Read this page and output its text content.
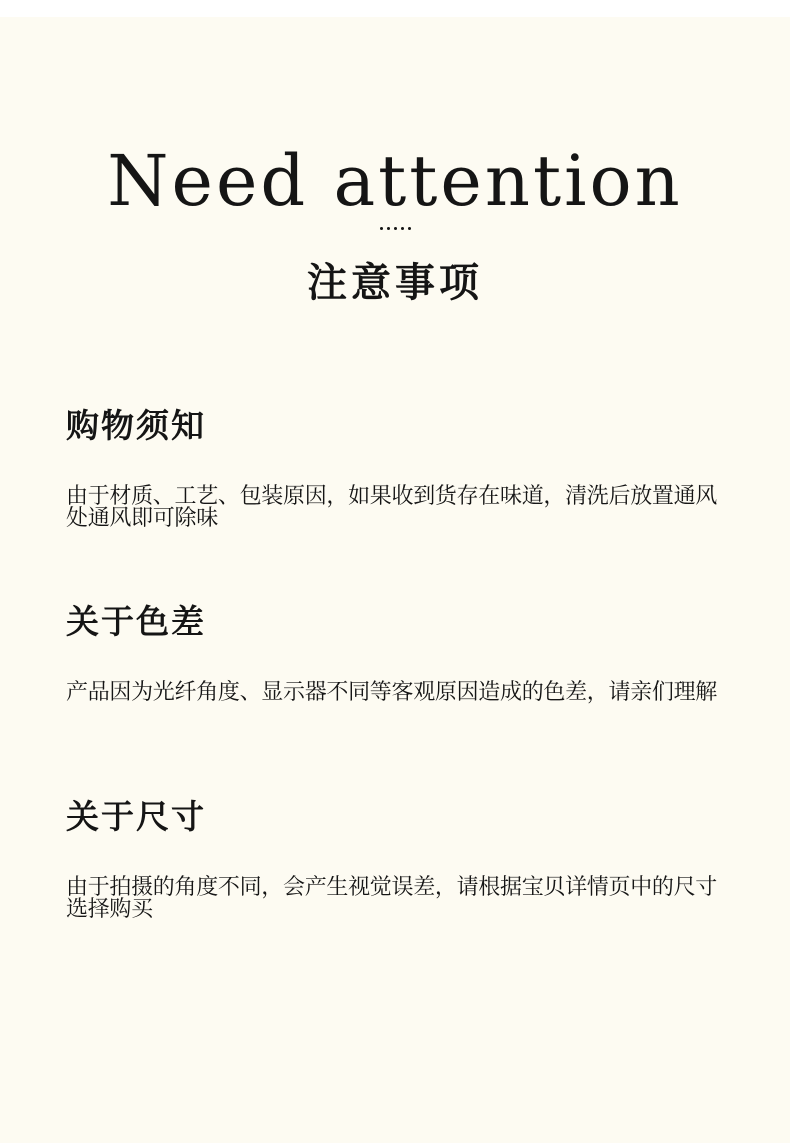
Need attention
注意事项
购物须知
由于材质、工艺、包装原因，如果收到货存在味道，清洗后放置通风处通风即可除味
关于色差
产品因为光纤角度、显示器不同等客观原因造成的色差，请亲们理解
关于尺寸
由于拍摄的角度不同，会产生视觉误差，请根据宝贝详情页中的尺寸选择购买
